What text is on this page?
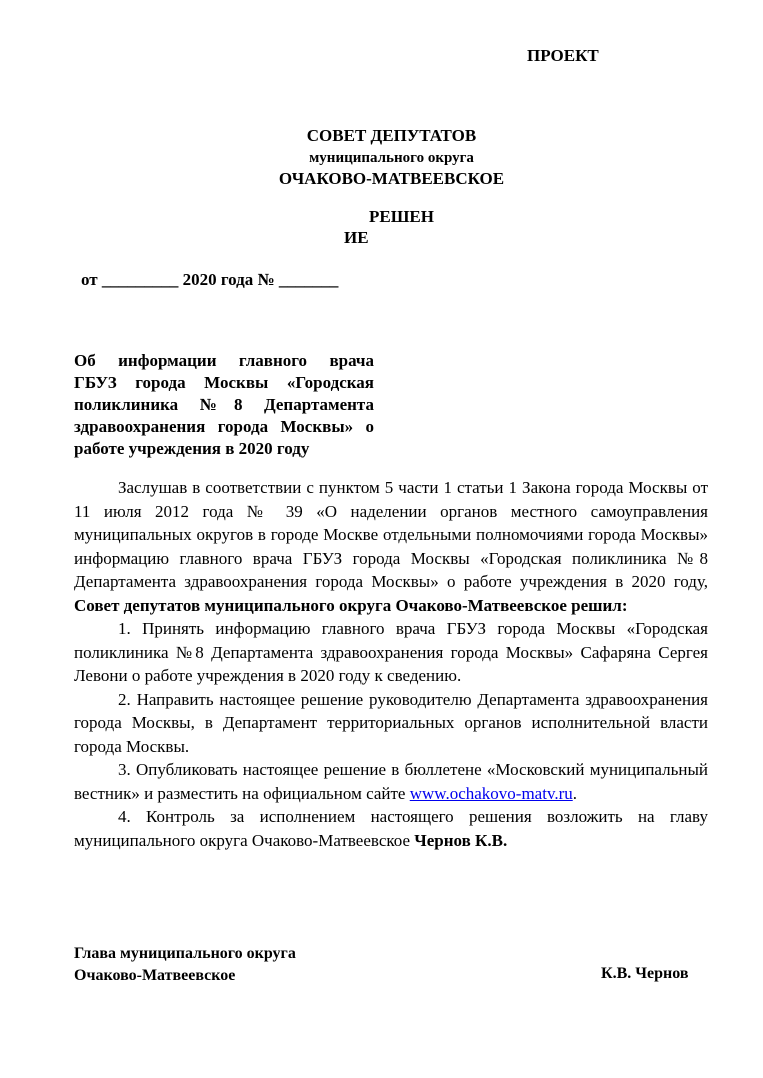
ПРОЕКТ
СОВЕТ ДЕПУТАТОВ
муниципального округа
ОЧАКОВО-МАТВЕЕВСКОЕ
РЕШЕН
ИЕ
от _________ 2020 года № _______
Об информации главного врача
ГБУЗ города Москвы «Городская
поликлиника №8 Департамента
здравоохранения города Москвы» о
работе учреждения в 2020 году

Заслушав в соответствии с пунктом 5 части 1 статьи 1 Закона города Москвы от 11 июля 2012 года № 39 «О наделении органов местного самоуправления муниципальных округов в городе Москве отдельными полномочиями города Москвы» информацию главного врача ГБУЗ города Москвы «Городская поликлиника №8 Департамента здравоохранения города Москвы» о работе учреждения в 2020 году, Совет депутатов муниципального округа Очаково-Матвеевское решил:

1. Принять информацию главного врача ГБУЗ города Москвы «Городская поликлиника №8 Департамента здравоохранения города Москвы» Сафаряна Сергея Левони о работе учреждения в 2020 году к сведению.

2. Направить настоящее решение руководителю Департамента здравоохранения города Москвы, в Департамент территориальных органов исполнительной власти города Москвы.

3. Опубликовать настоящее решение в бюллетене «Московский муниципальный вестник» и разместить на официальном сайте www.ochakovo-matv.ru.

4. Контроль за исполнением настоящего решения возложить на главу муниципального округа Очаково-Матвеевское Чернов К.В.

Глава муниципального округа
Очаково-Матвеевское	К.В. Чернов
